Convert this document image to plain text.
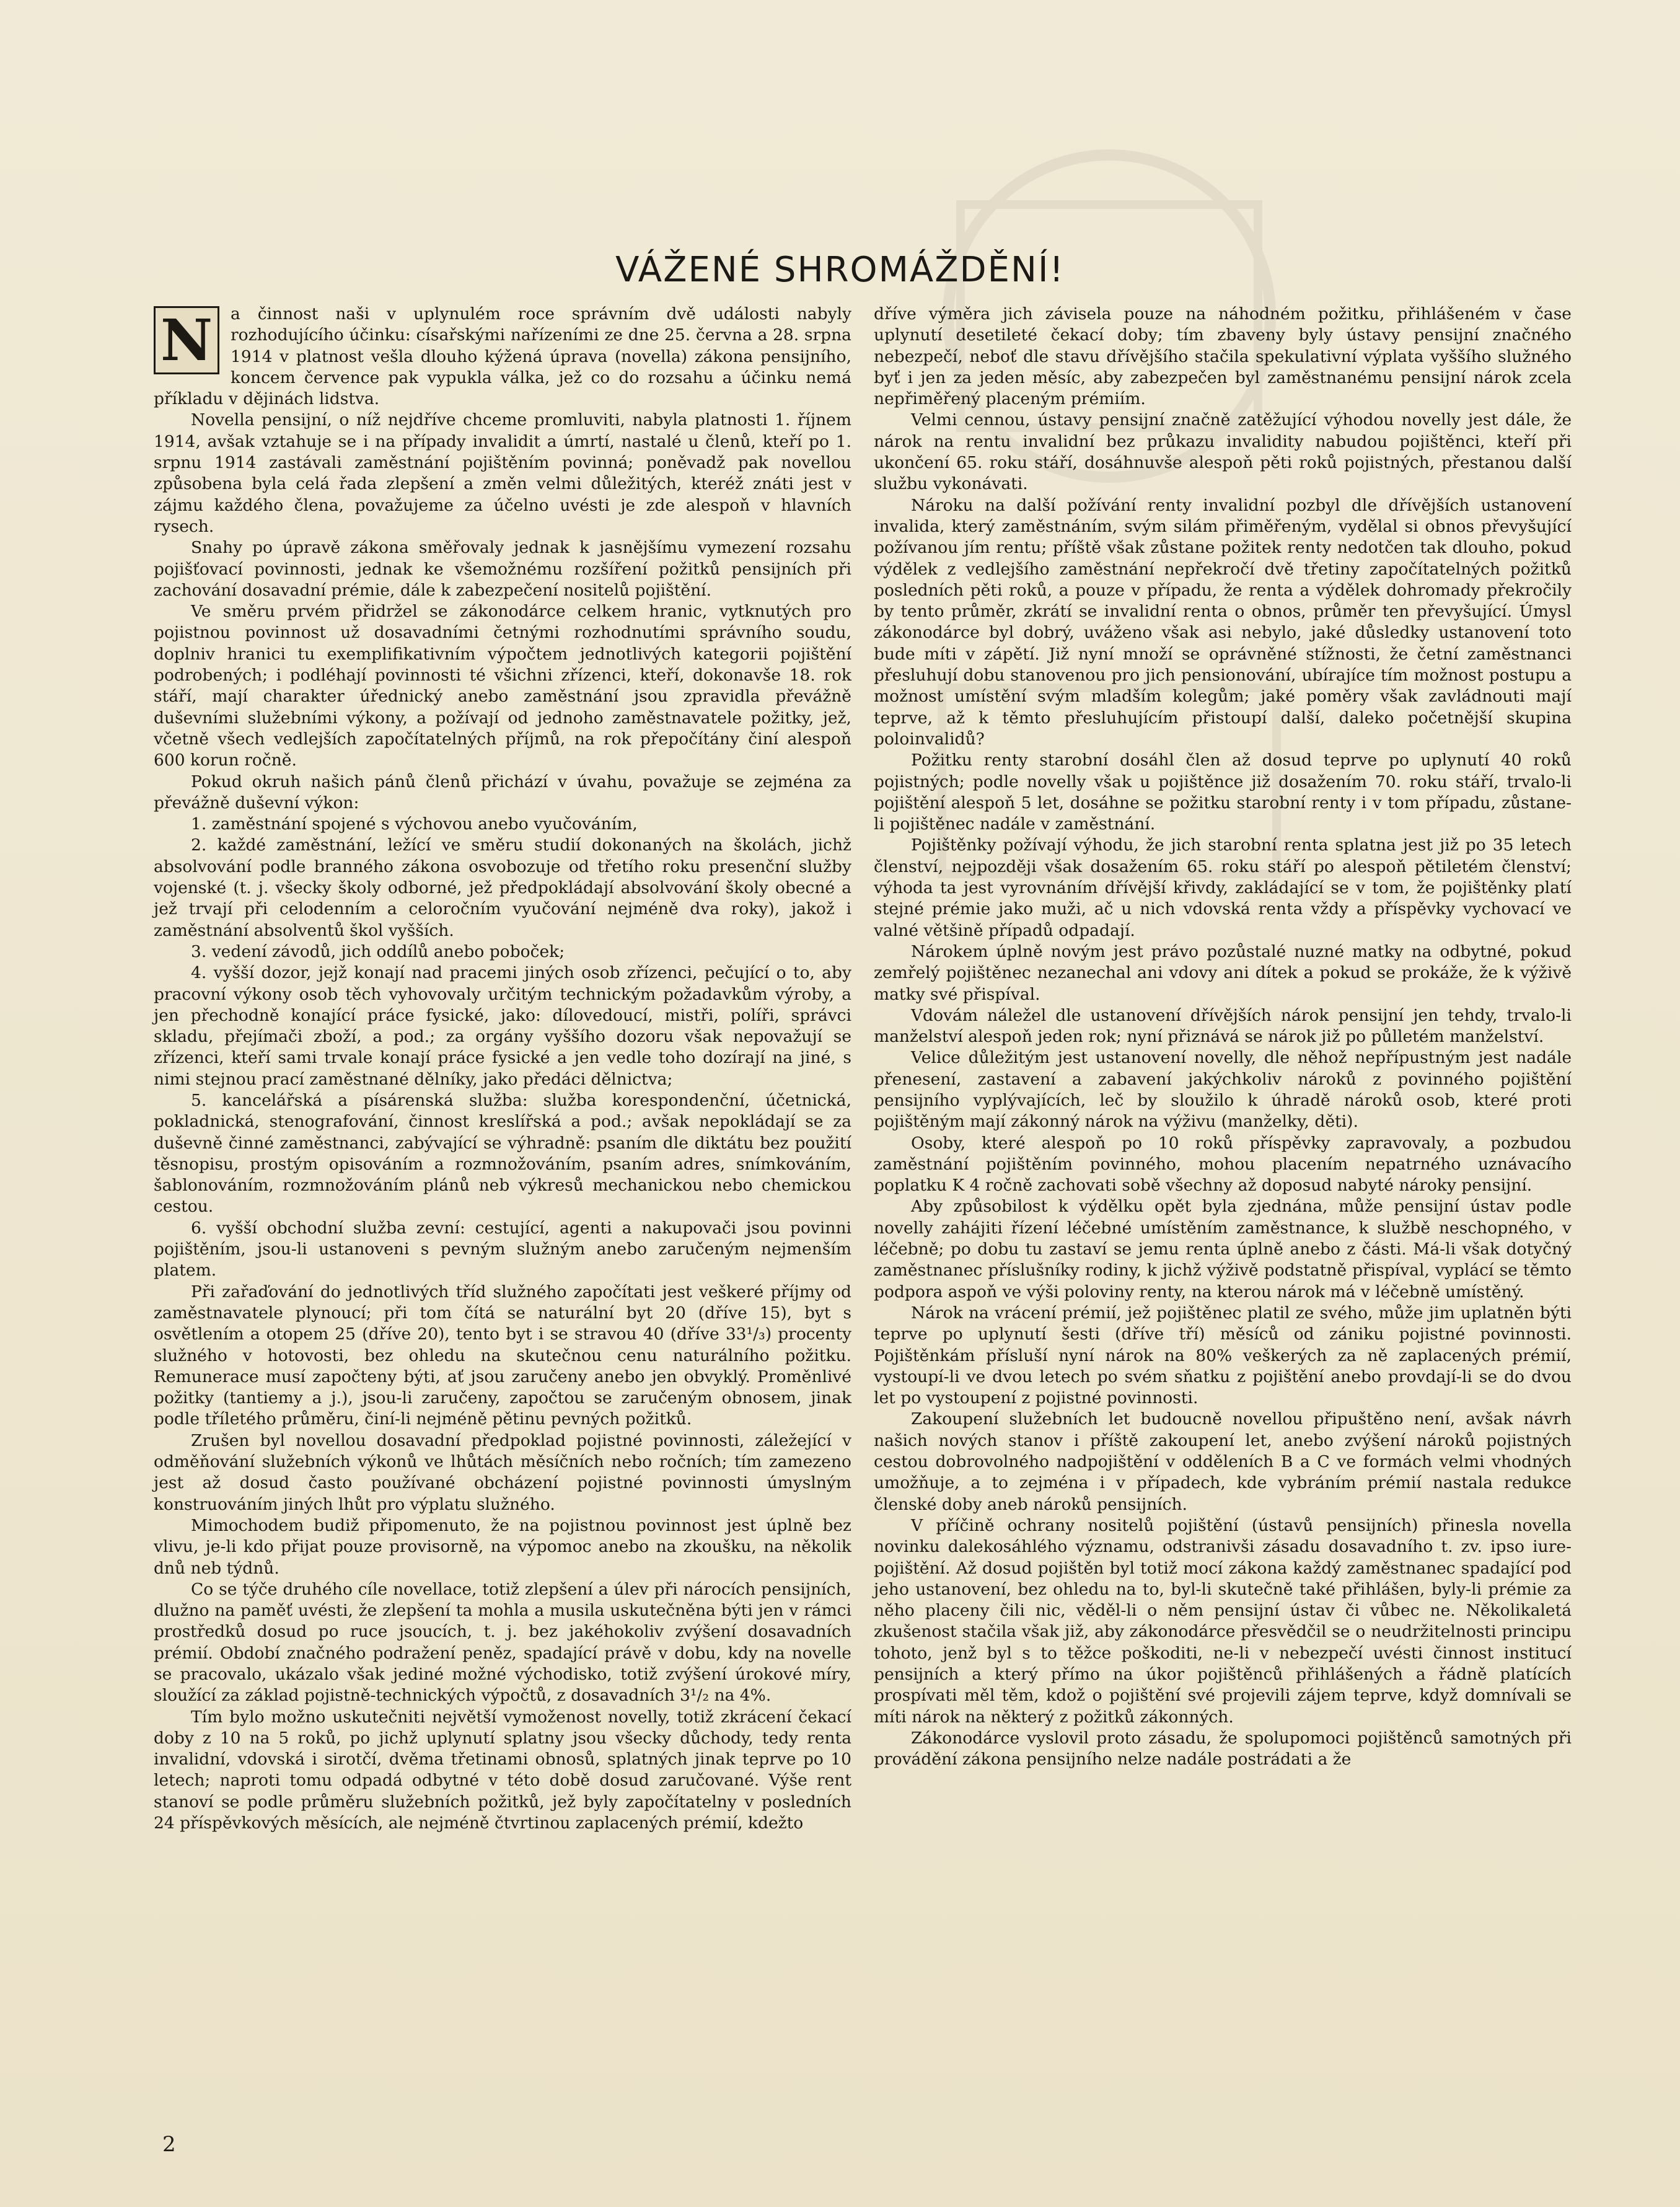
VÁŽENÉ SHROMÁŽDĚNÍ!

N	a činnost naši v uplynulém roce správním dvě události nabyly rozhodujícího účinku: císařskými nařízeními ze dne 25. června a 28. srpna 1914 v platnost vešla dlouho kýžená úprava (novella) zákona pensijního, koncem července pak vypukla válka, jež co do rozsahu a účinku nemá příkladu v dějinách lidstva.

Novella pensijní, o níž nejdříve chceme promluviti, nabyla platnosti 1. říjnem 1914, avšak vztahuje se i na případy invalidit a úmrtí, nastalé u členů, kteří po 1. srpnu 1914 zastávali zaměstnání pojištěním povinná; poněvadž pak novellou způsobena byla celá řada zlepšení a změn velmi důležitých, kteréž znáti jest v zájmu každého člena, považujeme za účelno uvésti je zde alespoň v hlavních rysech.

Snahy po úpravě zákona směřovaly jednak k jasnějšímu vymezení rozsahu pojišťovací povinnosti, jednak ke všemožnému rozšíření požitků pensijních při zachování dosavadní prémie, dále k zabezpečení nositelů pojištění.

Ve směru prvém přidržel se zákonodárce celkem hranic, vytknutých pro pojistnou povinnost už dosavadními četnými rozhodnutími správního soudu, doplniv hranici tu exemplifikativním výpočtem jednotlivých kategorii pojištění podrobených; i podléhají povinnosti té všichni zřízenci, kteří, dokonavše 18. rok stáří, mají charakter úřednický anebo zaměstnání jsou zpravidla převážně duševními služebními výkony, a požívají od jednoho zaměstnavatele požitky, jež, včetně všech vedlejších započítatelných příjmů, na rok přepočítány činí alespoň 600 korun ročně.

Pokud okruh našich pánů členů přichází v úvahu, považuje se zejména za převážně duševní výkon:

1. zaměstnání spojené s výchovou anebo vyučováním,

2. každé zaměstnání, ležící ve směru studií dokonaných na školách, jichž absolvování podle branného zákona osvobozuje od třetího roku presenční služby vojenské (t. j. všecky školy odborné, jež předpokládají absolvování školy obecné a jež trvají při celodenním a celoročním vyučování nejméně dva roky), jakož i zaměstnání absolventů škol vyšších.

3. vedení závodů, jich oddílů anebo poboček;

4. vyšší dozor, jejž konají nad pracemi jiných osob zřízenci, pečující o to, aby pracovní výkony osob těch vyhovovaly určitým technickým požadavkům výroby, a jen přechodně konající práce fysické, jako: dílovedoucí, mistři, políři, správci skladu, přejímači zboží, a pod.; za orgány vyššího dozoru však nepovažují se zřízenci, kteří sami trvale konají práce fysické a jen vedle toho dozírají na jiné, s nimi stejnou prací zaměstnané dělníky, jako předáci dělnictva;

5. kancelářská a písárenská služba: služba korespondenční, účetnická, pokladnická, stenografování, činnost kreslířská a pod.; avšak nepokládají se za duševně činné zaměstnanci, zabývající se výhradně: psaním dle diktátu bez použití těsnopisu, prostým opisováním a rozmnožováním, psaním adres, snímkováním, šablonováním, rozmnožováním plánů neb výkresů mechanickou nebo chemickou cestou.

6. vyšší obchodní služba zevní: cestující, agenti a nakupovači jsou povinni pojištěním, jsou-li ustanoveni s pevným služným anebo zaručeným nejmenším platem.

Při zařaďování do jednotlivých tříd služného započítati jest veškeré příjmy od zaměstnavatele plynoucí; při tom čítá se naturální byt 20 (dříve 15), byt s osvětlením a otopem 25 (dříve 20), tento byt i se stravou 40 (dříve 33¹/₃) procenty služného v hotovosti, bez ohledu na skutečnou cenu naturálního požitku. Remunerace musí započteny býti, ať jsou zaručeny anebo jen obvyklý. Proměnlivé požitky (tantiemy a j.), jsou-li zaručeny, započtou se zaručeným obnosem, jinak podle tříletého průměru, činí-li nejméně pětinu pevných požitků.

Zrušen byl novellou dosavadní předpoklad pojistné povinnosti, záležející v odměňování služebních výkonů ve lhůtách měsíčních nebo ročních; tím zamezeno jest až dosud často používané obcházení pojistné povinnosti úmyslným konstruováním jiných lhůt pro výplatu služného.

Mimochodem budiž připomenuto, že na pojistnou povinnost jest úplně bez vlivu, je-li kdo přijat pouze provisorně, na výpomoc anebo na zkoušku, na několik dnů neb týdnů.

Co se týče druhého cíle novellace, totiž zlepšení a úlev při nárocích pensijních, dlužno na paměť uvésti, že zlepšení ta mohla a musila uskutečněna býti jen v rámci prostředků dosud po ruce jsoucích, t. j. bez jakéhokoliv zvýšení dosavadních prémií. Období značného podražení peněz, spadající právě v dobu, kdy na novelle se pracovalo, ukázalo však jediné možné východisko, totiž zvýšení úrokové míry, sloužící za základ pojistně-technických výpočtů, z dosavadních 3¹/₂ na 4%.

Tím bylo možno uskutečniti největší vymoženost novelly, totiž zkrácení čekací doby z 10 na 5 roků, po jichž uplynutí splatny jsou všecky důchody, tedy renta invalidní, vdovská i sirotčí, dvěma třetinami obnosů, splatných jinak teprve po 10 letech; naproti tomu odpadá odbytné v této době dosud zaručované. Výše rent stanoví se podle průměru služebních požitků, jež byly započítatelny v posledních 24 příspěvkových měsících, ale nejméně čtvrtinou zaplacených prémií, kdežto

dříve výměra jich závisela pouze na náhodném požitku, přihlášeném v čase uplynutí desetileté čekací doby; tím zbaveny byly ústavy pensijní značného nebezpečí, neboť dle stavu dřívějšího stačila spekulativní výplata vyššího služného byť i jen za jeden měsíc, aby zabezpečen byl zaměstnanému pensijní nárok zcela nepřiměřený placeným prémiím.

Velmi cennou, ústavy pensijní značně zatěžující výhodou novelly jest dále, že nárok na rentu invalidní bez průkazu invalidity nabudou pojištěnci, kteří při ukončení 65. roku stáří, dosáhnuvše alespoň pěti roků pojistných, přestanou další službu vykonávati.

Nároku na další požívání renty invalidní pozbyl dle dřívějších ustanovení invalida, který zaměstnáním, svým silám přiměřeným, vydělal si obnos převyšující požívanou jím rentu; příště však zůstane požitek renty nedotčen tak dlouho, pokud výdělek z vedlejšího zaměstnání nepřekročí dvě třetiny započítatelných požitků posledních pěti roků, a pouze v případu, že renta a výdělek dohromady překročily by tento průměr, zkrátí se invalidní renta o obnos, průměr ten převyšující. Úmysl zákonodárce byl dobrý, uváženo však asi nebylo, jaké důsledky ustanovení toto bude míti v zápětí. Již nyní množí se oprávněné stížnosti, že četní zaměstnanci přesluhují dobu stanovenou pro jich pensionování, ubírajíce tím možnost postupu a možnost umístění svým mladším kolegům; jaké poměry však zavládnouti mají teprve, až k těmto přesluhujícím přistoupí další, daleko početnější skupina poloinvalidů?

Požitku renty starobní dosáhl člen až dosud teprve po uplynutí 40 roků pojistných; podle novelly však u pojištěnce již dosažením 70. roku stáří, trvalo-li pojištění alespoň 5 let, dosáhne se požitku starobní renty i v tom případu, zůstane-li pojištěnec nadále v zaměstnání.

Pojištěnky požívají výhodu, že jich starobní renta splatna jest již po 35 letech členství, nejpozději však dosažením 65. roku stáří po alespoň pětiletém členství; výhoda ta jest vyrovnáním dřívější křivdy, zakládající se v tom, že pojištěnky platí stejné prémie jako muži, ač u nich vdovská renta vždy a příspěvky vychovací ve valné většině případů odpadají.

Nárokem úplně novým jest právo pozůstalé nuzné matky na odbytné, pokud zemřelý pojištěnec nezanechal ani vdovy ani dítek a pokud se prokáže, že k výživě matky své přispíval.

Vdovám náležel dle ustanovení dřívějších nárok pensijní jen tehdy, trvalo-li manželství alespoň jeden rok; nyní přiznává se nárok již po půlletém manželství.

Velice důležitým jest ustanovení novelly, dle něhož nepřípustným jest nadále přenesení, zastavení a zabavení jakýchkoliv nároků z povinného pojištění pensijního vyplývajících, leč by sloužilo k úhradě nároků osob, které proti pojištěným mají zákonný nárok na výživu (manželky, děti).

Osoby, které alespoň po 10 roků příspěvky zapravovaly, a pozbudou zaměstnání pojištěním povinného, mohou placením nepatrného uznávacího poplatku K 4 ročně zachovati sobě všechny až doposud nabyté nároky pensijní.

Aby způsobilost k výdělku opět byla zjednána, může pensijní ústav podle novelly zahájiti řízení léčebné umístěním zaměstnance, k službě neschopného, v léčebně; po dobu tu zastaví se jemu renta úplně anebo z části. Má-li však dotyčný zaměstnanec příslušníky rodiny, k jichž výživě podstatně přispíval, vyplácí se těmto podpora aspoň ve výši poloviny renty, na kterou nárok má v léčebně umístěný.

Nárok na vrácení prémií, jež pojištěnec platil ze svého, může jim uplatněn býti teprve po uplynutí šesti (dříve tří) měsíců od zániku pojistné povinnosti. Pojištěnkám přísluší nyní nárok na 80% veškerých za ně zaplacených prémií, vystoupí-li ve dvou letech po svém sňatku z pojištění anebo provdají-li se do dvou let po vystoupení z pojistné povinnosti.

Zakoupení služebních let budoucně novellou připuštěno není, avšak návrh našich nových stanov i příště zakoupení let, anebo zvýšení nároků pojistných cestou dobrovolného nadpojištění v odděleních B a C ve formách velmi vhodných umožňuje, a to zejména i v případech, kde vybráním prémií nastala redukce členské doby aneb nároků pensijních.

V příčině ochrany nositelů pojištění (ústavů pensijních) přinesla novella novinku dalekosáhlého významu, odstranivši zásadu dosavadního t. zv. ipso iure-pojištění. Až dosud pojištěn byl totiž mocí zákona každý zaměstnanec spadající pod jeho ustanovení, bez ohledu na to, byl-li skutečně také přihlášen, byly-li prémie za něho placeny čili nic, věděl-li o něm pensijní ústav či vůbec ne. Několikaletá zkušenost stačila však již, aby zákonodárce přesvědčil se o neudržitelnosti principu tohoto, jenž byl s to těžce poškoditi, ne-li v nebezpečí uvésti činnost institucí pensijních a který přímo na úkor pojištěnců přihlášených a řádně platících prospívati měl těm, kdož o pojištění své projevili zájem teprve, když domnívali se míti nárok na některý z požitků zákonných.

Zákonodárce vyslovil proto zásadu, že spolupomoci pojištěnců samotných při provádění zákona pensijního nelze nadále postrádati a že

2
